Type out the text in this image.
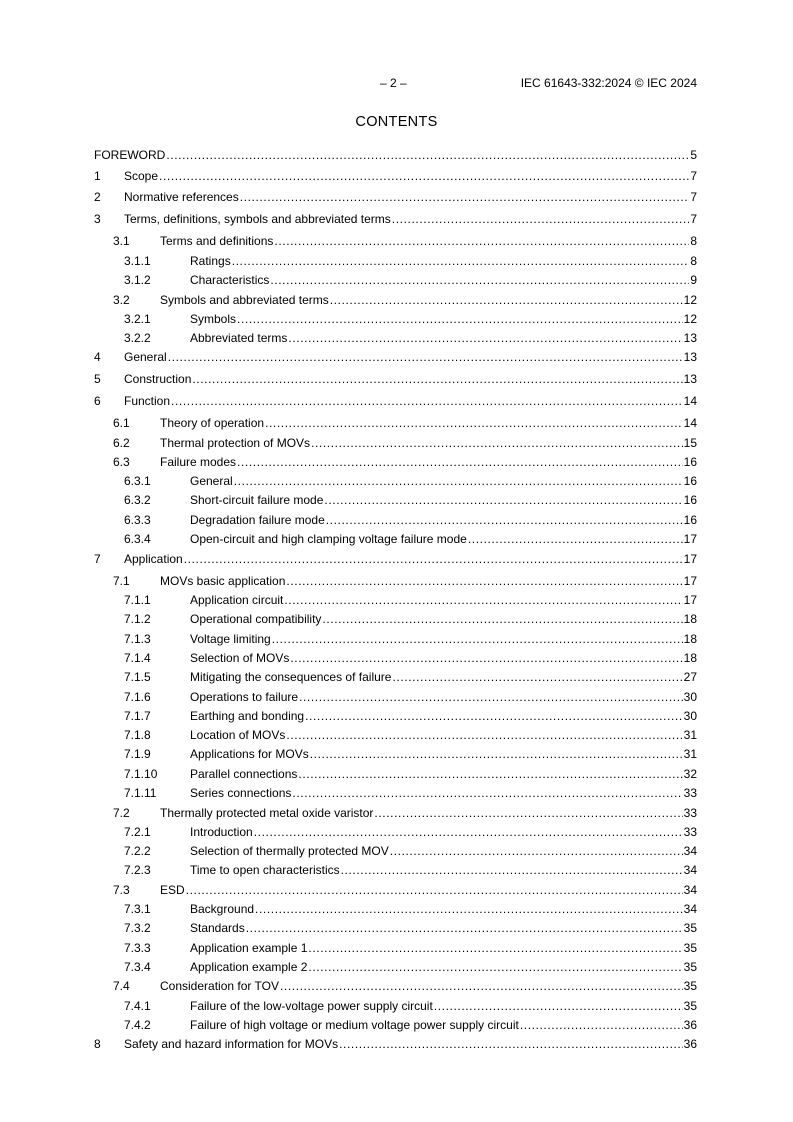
– 2 –	IEC 61643-332:2024 © IEC 2024
CONTENTS
FOREWORD .....	5
1 Scope .....	7
2 Normative references .....	7
3 Terms, definitions, symbols and abbreviated terms .....	7
3.1	Terms and definitions .....	8
3.1.1	Ratings .....	8
3.1.2	Characteristics .....	9
3.2	Symbols and abbreviated terms .....	12
3.2.1	Symbols .....	12
3.2.2	Abbreviated terms .....	13
4 General .....	13
5 Construction .....	13
6 Function .....	14
6.1	Theory of operation .....	14
6.2	Thermal protection of MOVs .....	15
6.3	Failure modes .....	16
6.3.1	General .....	16
6.3.2	Short-circuit failure mode .....	16
6.3.3	Degradation failure mode .....	16
6.3.4	Open-circuit and high clamping voltage failure mode .....	17
7 Application .....	17
7.1	MOVs basic application .....	17
7.1.1	Application circuit .....	17
7.1.2	Operational compatibility .....	18
7.1.3	Voltage limiting .....	18
7.1.4	Selection of MOVs .....	18
7.1.5	Mitigating the consequences of failure .....	27
7.1.6	Operations to failure .....	30
7.1.7	Earthing and bonding .....	30
7.1.8	Location of MOVs .....	31
7.1.9	Applications for MOVs .....	31
7.1.10	Parallel connections .....	32
7.1.11	Series connections .....	33
7.2	Thermally protected metal oxide varistor .....	33
7.2.1	Introduction .....	33
7.2.2	Selection of thermally protected MOV .....	34
7.2.3	Time to open characteristics .....	34
7.3	ESD .....	34
7.3.1	Background .....	34
7.3.2	Standards .....	35
7.3.3	Application example 1 .....	35
7.3.4	Application example 2 .....	35
7.4	Consideration for TOV .....	35
7.4.1	Failure of the low-voltage power supply circuit .....	35
7.4.2	Failure of high voltage or medium voltage power supply circuit .....	36
8 Safety and hazard information for MOVs .....	36
